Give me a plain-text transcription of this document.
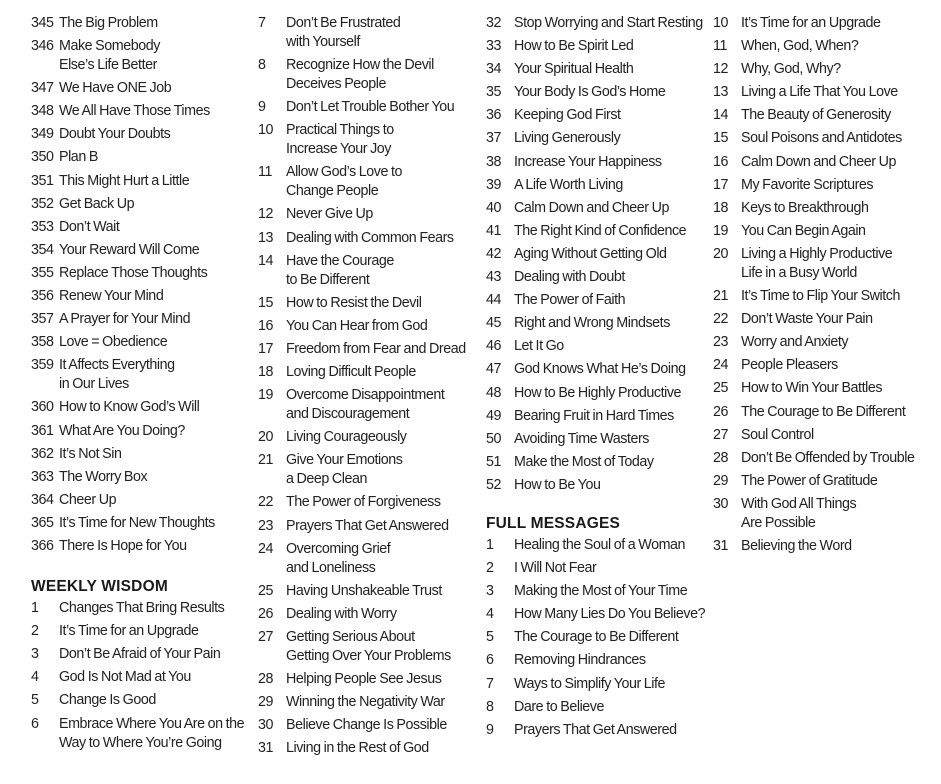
345 The Big Problem
346 Make Somebody
Else’s Life Better
347 We Have ONE Job
348 We All Have Those Times
349 Doubt Your Doubts
350 Plan B
351 This Might Hurt a Little
352 Get Back Up
353 Don’t Wait
354 Your Reward Will Come
355 Replace Those Thoughts
356 Renew Your Mind
357 A Prayer for Your Mind
358 Love = Obedience
359 It Affects Everything
in Our Lives
360 How to Know God’s Will
361 What Are You Doing?
362 It’s Not Sin
363 The Worry Box
364 Cheer Up
365 It’s Time for New Thoughts
366 There Is Hope for You
WEEKLY WISDOM
1	Changes That Bring Results
2	It’s Time for an Upgrade
3	Don’t Be Afraid of Your Pain
4	God Is Not Mad at You
5	Change Is Good
6	Embrace Where You Are on the
Way to Where You’re Going
7	Don’t Be Frustrated
with Yourself
8	Recognize How the Devil
Deceives People
9	Don’t Let Trouble Bother You
10 Practical Things to
Increase Your Joy
11 Allow God’s Love to
Change People
12 Never Give Up
13 Dealing with Common Fears
14 Have the Courage
to Be Different
15 How to Resist the Devil
16 You Can Hear from God
17 Freedom from Fear and Dread
18 Loving Difficult People
19 Overcome Disappointment
and Discouragement
20 Living Courageously
21 Give Your Emotions
a Deep Clean
22 The Power of Forgiveness
23 Prayers That Get Answered
24 Overcoming Grief
and Loneliness
25 Having Unshakeable Trust
26 Dealing with Worry
27 Getting Serious About
Getting Over Your Problems
28 Helping People See Jesus
29 Winning the Negativity War
30 Believe Change Is Possible
31 Living in the Rest of God
32 Stop Worrying and Start Resting
33 How to Be Spirit Led
34 Your Spiritual Health
35 Your Body Is God’s Home
36 Keeping God First
37 Living Generously
38 Increase Your Happiness
39 A Life Worth Living
40 Calm Down and Cheer Up
41 The Right Kind of Confidence
42 Aging Without Getting Old
43 Dealing with Doubt
44 The Power of Faith
45 Right and Wrong Mindsets
46 Let It Go
47 God Knows What He’s Doing
48 How to Be Highly Productive
49 Bearing Fruit in Hard Times
50 Avoiding Time Wasters
51 Make the Most of Today
52 How to Be You
FULL MESSAGES
1	Healing the Soul of a Woman
2	I Will Not Fear
3	Making the Most of Your Time
4	How Many Lies Do You Believe?
5	The Courage to Be Different
6	Removing Hindrances
7	Ways to Simplify Your Life
8	Dare to Believe
9	Prayers That Get Answered
10 It’s Time for an Upgrade
11 When, God, When?
12 Why, God, Why?
13 Living a Life That You Love
14 The Beauty of Generosity
15 Soul Poisons and Antidotes
16 Calm Down and Cheer Up
17 My Favorite Scriptures
18 Keys to Breakthrough
19 You Can Begin Again
20 Living a Highly Productive
Life in a Busy World
21 It’s Time to Flip Your Switch
22 Don’t Waste Your Pain
23 Worry and Anxiety
24 People Pleasers
25 How to Win Your Battles
26 The Courage to Be Different
27 Soul Control
28 Don’t Be Offended by Trouble
29 The Power of Gratitude
30 With God All Things
Are Possible
31 Believing the Word
